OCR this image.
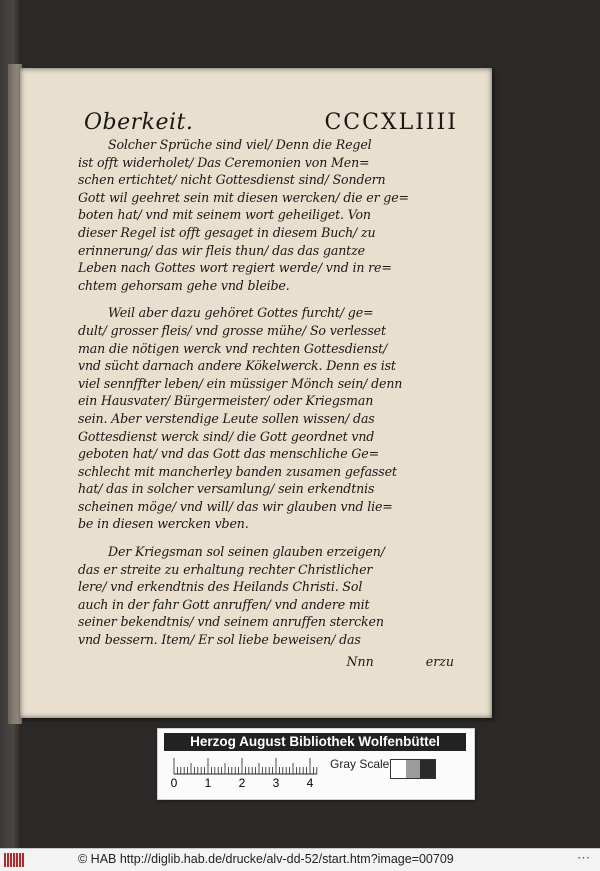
Oberkeit.	CCCXLIIII
Solcher Sprüche sind viel/ Denn die Regel
ist offt widerholet/ Das Ceremonien von Men=
schen ertichtet/ nicht Gottesdienst sind/ Sondern
Gott wil geehret sein mit diesen wercken/ die er ge=
boten hat/ vnd mit seinem wort geheiliget. Von
dieser Regel ist offt gesaget in diesem Buch/ zu
erinnerung/ das wir fleis thun/ das das gantze
Leben nach Gottes wort regiert werde/ vnd in re=
chtem gehorsam gehe vnd bleibe.
Weil aber dazu gehöret Gottes furcht/ ge=
dult/ grosser fleis/ vnd grosse mühe/ So verlesset
man die nötigen werck vnd rechten Gottesdienst/
vnd sücht darnach andere Kökelwerck. Denn es ist
viel sennffter leben/ ein müssiger Mönch sein/ denn
ein Hausvater/ Bürgermeister/ oder Kriegsman
sein. Aber verstendige Leute sollen wissen/ das
Gottesdienst werck sind/ die Gott geordnet vnd
geboten hat/ vnd das Gott das menschliche Ge=
schlecht mit mancherley banden zusamen gefasset
hat/ das in solcher versamlung/ sein erkendtnis
scheinen möge/ vnd will/ das wir glauben vnd lie=
be in diesen wercken vben.
Der Kriegsman sol seinen glauben erzeigen/
das er streite zu erhaltung rechter Christlicher
lere/ vnd erkendtnis des Heilands Christi. Sol
auch in der fahr Gott anruffen/ vnd andere mit
seiner bekendtnis/ vnd seinem anruffen stercken
vnd bessern. Item/ Er sol liebe beweisen/ das
Nnn	erzu
Herzog August Bibliothek Wolfenbüttel
0 1 2 3 4
Gray Scale
© HAB http://diglib.hab.de/drucke/alv-dd-52/start.htm?image=00709	⋯
